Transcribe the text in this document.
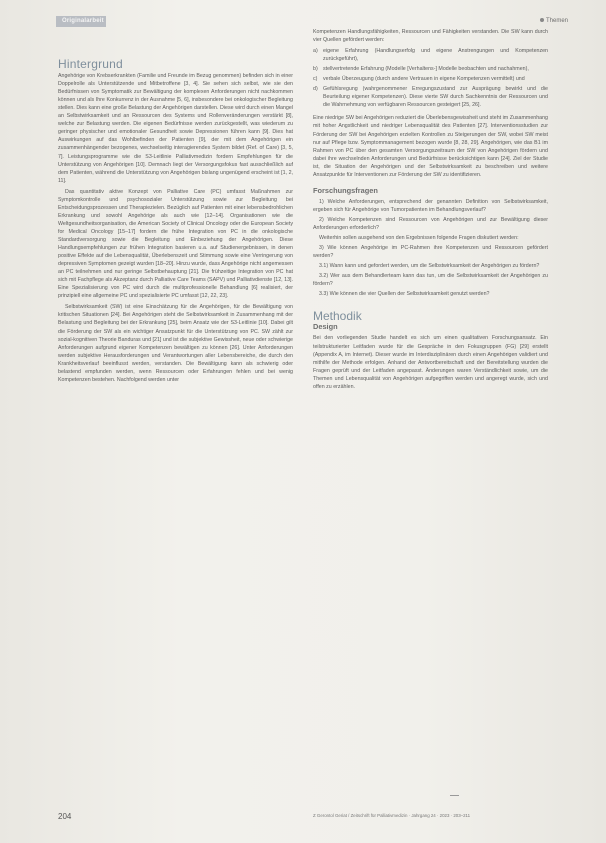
Originalarbeit	Themen
Hintergrund

Angehörige von Krebserkrankten (Familie und Freunde im Bezug genommen) befinden sich in einer Doppelrolle als Unterstützende und Mitbetroffene [3, 4]. Sie sehen sich selbst, wie sie den Bedürfnissen von Symptomatik zur Bewältigung der komplexen Anforderungen nicht nachkommen können und als Ihre Konkurrenz in der Ausnahme [5, 6], insbesondere bei onkologischer Begleitung stellen. Dies kann eine große Belastung der Angehörigen darstellen. Diese wird durch einen Mangel an Selbstwirksamkeit und an Ressourcen des Systems und Rollenveränderungen verstärkt [8], welche zur Belastung werden. Die eigenen Bedürfnisse werden zurückgestellt, was wiederum zu geringer physischer und emotionaler Gesundheit sowie Depressionen führen kann [9]. Dies hat Auswirkungen auf das Wohlbefinden der Patienten [9], der mit dem Angehörigen ein zusammenhängender bezogenes, wechselseitig interagierendes System bildet (Ref. of Care) [3, 5, 7]. Leistungsprogramme wie die S3-Leitlinie Palliativmedizin fordern Empfehlungen für die Unterstützung von Angehörigen [10]. Demnach liegt der Versorgungsfokus fast ausschließlich auf dem Patienten, während die Unterstützung von Angehörigen bislang ungenügend erscheint ist [1, 2, 11].

Das quantitativ aktive Konzept von Palliative Care (PC) umfasst Maßnahmen zur Symptomkontrolle und psychosozialer Unterstützung sowie zur Begleitung bei Entscheidungsprozessen und Therapiezielen. Bezüglich auf Patienten mit einer lebensbedrohlichen Erkrankung und sowohl Angehörige als auch wie [12–14]. Organisationen wie die Weltgesundheitsorganisation, die American Society of Clinical Oncology oder die European Society for Medical Oncology [15–17] fordern die frühe Integration von PC in die onkologische Standardversorgung sowie die Begleitung und Einbeziehung der Angehörigen. Diese Handlungsempfehlungen zur frühen Integration basieren u.a. auf Studienergebnissen, in denen positive Effekte auf die Lebensqualität, Überlebenszeit und Stimmung sowie eine Verringerung von depressiven Symptomen gezeigt wurden [18–20]. Hinzu wurde, dass Angehörige nicht angemessen an PC teilnehmen und nur geringe Selbstbehauptung [21]. Die frühzeitige Integration von PC hat sich mit Fachpflege als Akzeptanz durch Palliative Care Teams (SAPV) und Palliativdienste [12, 13]. Eine Spezialisierung von PC wird durch die multiprofessionelle Behandlung [6] realisiert, der prinzipiell eine allgemeine PC und spezialisierte PC umfasst [12, 22, 23].

Selbstwirksamkeit (SW) ist eine Einschätzung für die Angehörigen, für die Bewältigung von kritischen Situationen [24]. Bei Angehörigen steht die Selbstwirksamkeit in Zusammenhang mit der Belastung und Begleitung bei der Erkrankung [25], beim Ansatz wie der S3-Leitlinie [10]. Dabei gilt die Förderung der SW als ein wichtiger Ansatzpunkt für die Unterstützung von PC. SW zählt zur sozial-kognitiven Theorie Banduras und [21] und ist die subjektive Gewissheit, neue oder schwierige Anforderungen aufgrund eigener Kompetenzen bewältigen zu können [26]. Unter Anforderungen werden subjektive Herausforderungen und Verantwortungen aller Lebensbereiche, die durch den Krankheitsverlauf beeinflusst werden, verstanden. Die Bewältigung kann als schwierig oder belastend empfunden werden, wenn Ressourcen oder Erfahrungen fehlen und bei wenig Kompetenzen bestehen. Nachfolgend werden unter

Kompetenzen Handlungsfähigkeiten, Ressourcen und Fähigkeiten verstanden. Die SW kann durch vier Quellen gefördert werden:

a) eigene Erfahrung (Handlungserfolg und eigene Anstrengungen und Kompetenzen zurückgeführt),
b) stellvertretende Erfahrung (Modelle [Verhaltens-] Modelle beobachten und nachahmen),
c)	verbale Überzeugung (durch andere Vertrauen in eigene Kompetenzen vermittelt) und
d) Gefühlsregung (wahrgenommener Erregungszustand zur Ausprägung bewirkt und die Beurteilung eigener Kompetenzen). Diese vierte SW durch Sachkenntnis der Ressourcen und die Wahrnehmung von verfügbaren Ressourcen gesteigert [25, 26].

Eine niedrige SW bei Angehörigen reduziert die Überlebensgewissheit und steht im Zusammenhang mit hoher Angstlichkeit und niedriger Lebensqualität des Patienten [27]. Interventionsstudien zur Förderung der SW bei Angehörigen erzielten Kontrollen zu Steigerungen der SW, wobei SW meist nur auf Pflege bzw. Symptommanagement bezogen wurde [8, 28, 29]. Angehörigen, wie das B1 im Rahmen von PC über den gesamten Versorgungszeitraum der SW von Angehörigen fördern und dabei ihre wechselnden Anforderungen und Bedürfnisse berücksichtigen kann [24]. Ziel der Studie ist, die Situation der Angehörigen und der Selbstwirksamkeit zu beschreiben und weitere Ansatzpunkte für Interventionen zur Förderung der SW zu identifizieren.

Forschungsfragen

1) Welche Anforderungen, entsprechend der genannten Definition von Selbstwirksamkeit, ergeben sich für Angehörige von Tumorpatienten im Behandlungsverlauf?

2) Welche Kompetenzen sind Ressourcen von Angehörigen und zur Bewältigung dieser Anforderungen erforderlich?

Weiterhin sollen ausgehend von den Ergebnissen folgende Fragen diskutiert werden:

3) Wie können Angehörige im PC-Rahmen ihre Kompetenzen und Ressourcen gefördert werden?

3.1) Wann kann und gefordert werden, um die Selbstwirksamkeit der Angehörigen zu fördern?

3.2) Wer aus dem Behandlerteam kann das tun, um die Selbstwirksamkeit der Angehörigen zu fördern?

3.3) Wie können die vier Quellen der Selbstwirksamkeit genutzt werden?

Methodik
Design

Bei den vorliegenden Studie handelt es sich um einen qualitativen Forschungsansatz. Ein teilstrukturierter Leitfaden wurde für die Gespräche in den Fokusgruppen (FG) [29] erstellt (Appendix A, im Internet). Dieser wurde im Interdisziplinären durch einen Angehörigen validiert und mithilfe der Methode erfolgen. Anhand der Antwortbereitschaft und der Bereitstellung wurden die Fragen geprüft und der Leitfaden angepasst. Änderungen waren Verständlichkeit sowie, um die Themen und Lebensqualität von Angehörigen aufgegriffen werden und angeregt wurde, sich und offen zu erzählen.

204	Z Gerontol Geriat / Zeitschrift für Palliativmedizin · Jahrgang 24 · 2023 · 203–211
